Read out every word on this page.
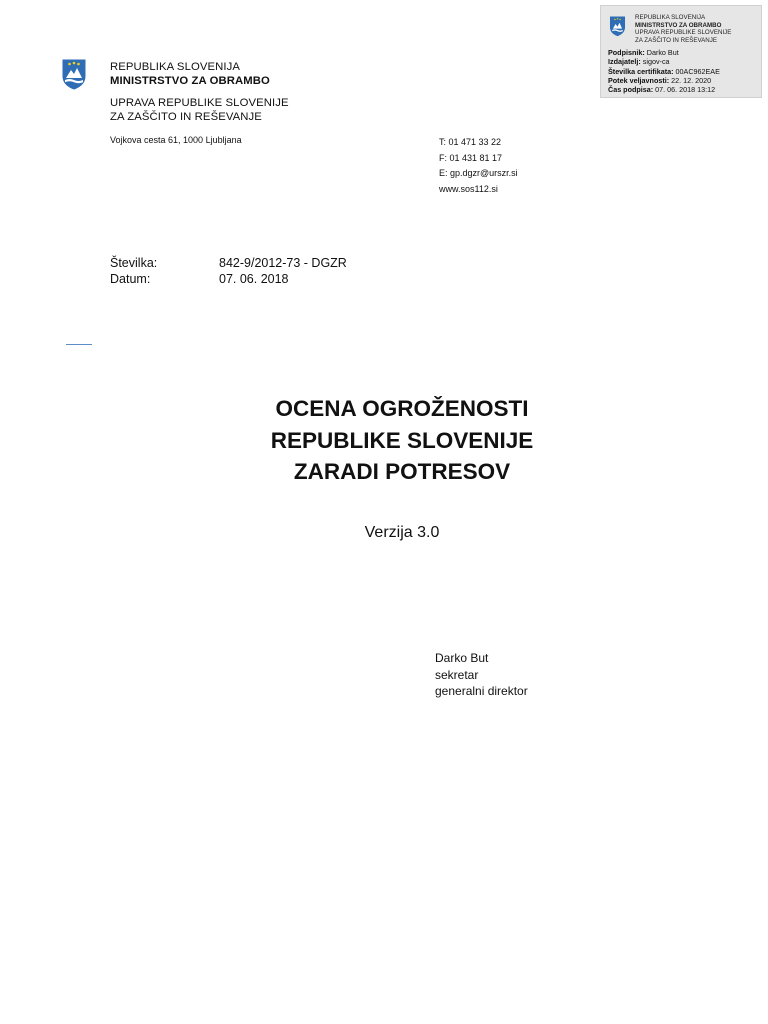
REPUBLIKA SLOVENIJA
MINISTRSTVO ZA OBRAMBO
UPRAVA REPUBLIKE SLOVENIJE
ZA ZAŠČITO IN REŠEVANJE
Podpisnik: Darko But
Izdajatelj: sigov-ca
Številka certifikata: 00AC962EAE
Potek veljavnosti: 22. 12. 2020
Čas podpisa: 07. 06. 2018 13:12
REPUBLIKA SLOVENIJA
MINISTRSTVO ZA OBRAMBO
UPRAVA REPUBLIKE SLOVENIJE
ZA ZAŠČITO IN REŠEVANJE
Vojkova cesta 61, 1000 Ljubljana	T: 01 471 33 22
F: 01 431 81 17
E: gp.dgzr@urszr.si
www.sos112.si
Številka:	842-9/2012-73 - DGZR
Datum:	07. 06. 2018
OCENA OGROŽENOSTI
REPUBLIKE SLOVENIJE
ZARADI POTRESOV
Verzija 3.0
Darko But
sekretar
generalni direktor
